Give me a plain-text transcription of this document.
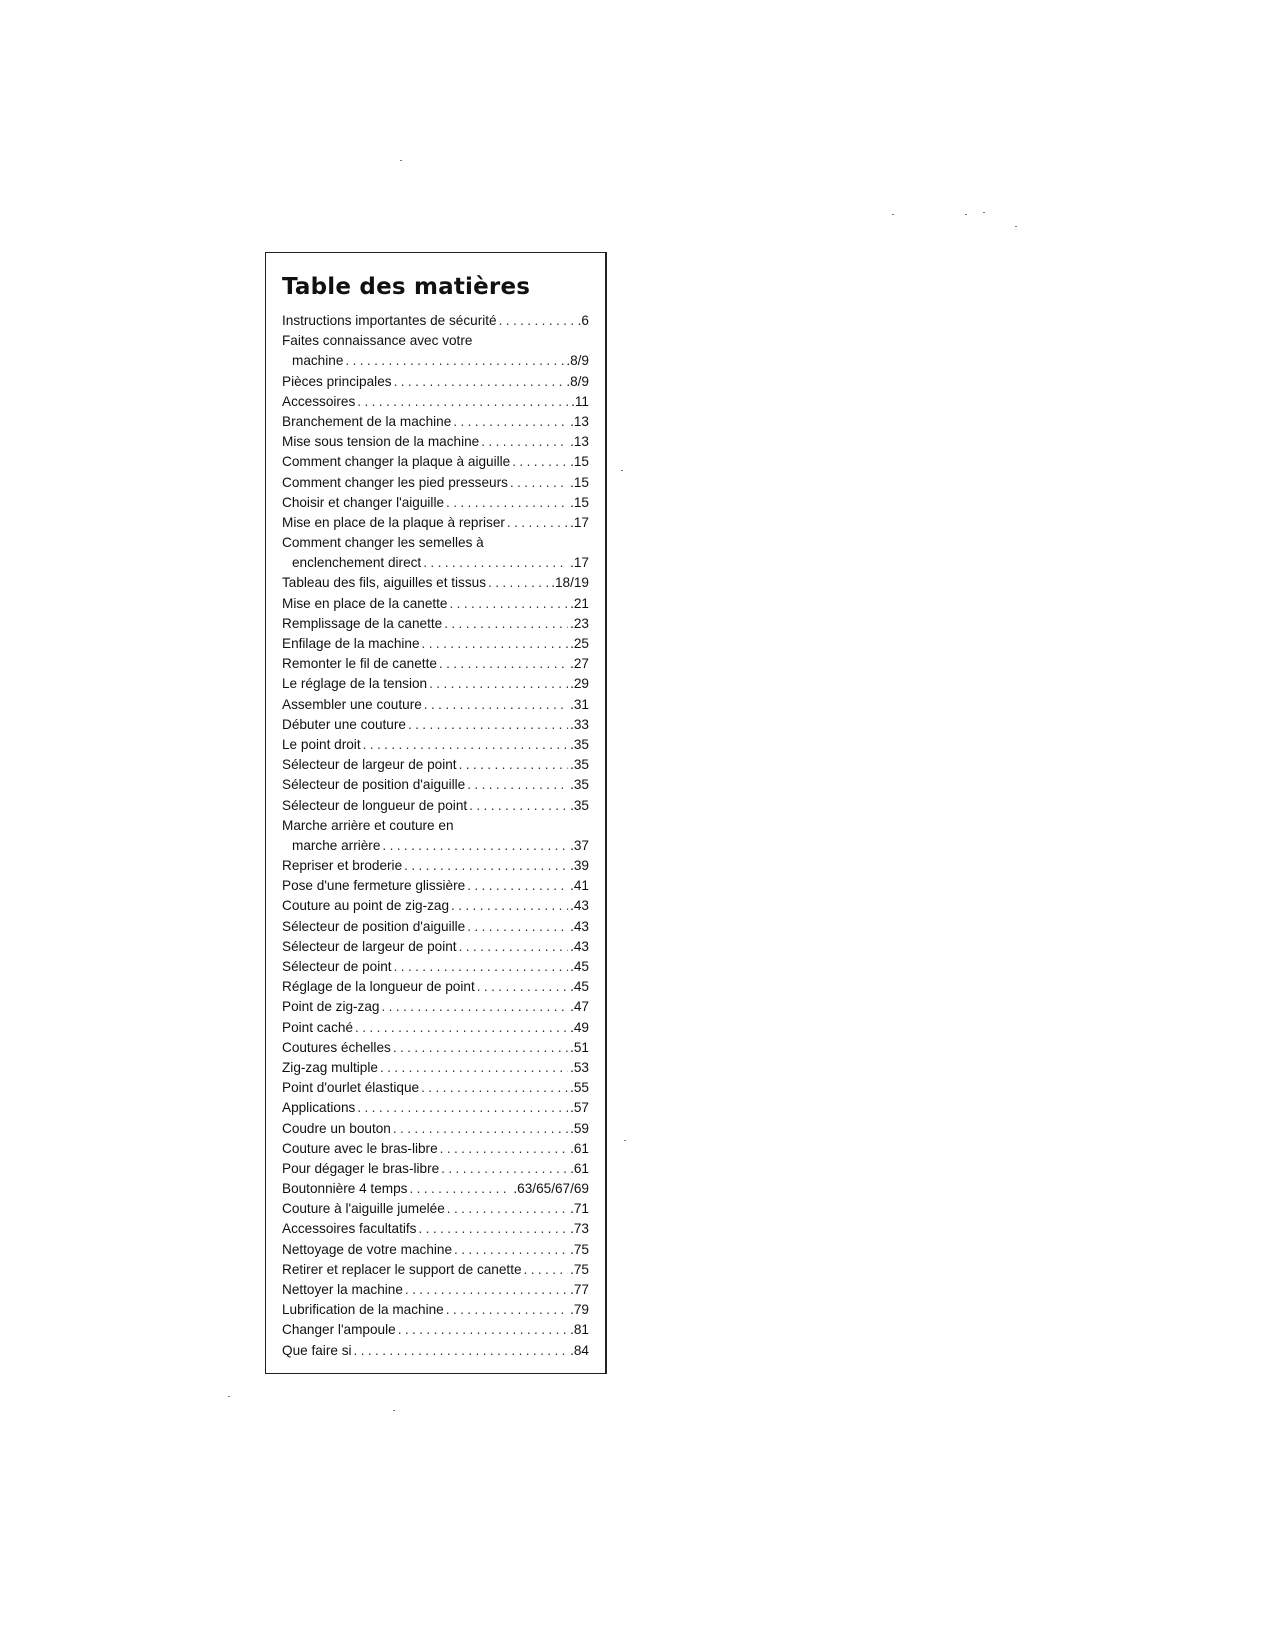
Table des matières
Instructions importantes de sécurité .....	.6
Faites connaissance avec votre
machine .....	.8/9
Pièces principales .....	.8/9
Accessoires .....	.11
Branchement de la machine .....	.13
Mise sous tension de la machine .....	.13
Comment changer la plaque à aiguille .....	.15
Comment changer les pied presseurs .....	.15
Choisir et changer l'aiguille .....	.15
Mise en place de la plaque à repriser .....	.17
Comment changer les semelles à
enclenchement direct .....	.17
Tableau des fils, aiguilles et tissus .....	.18/19
Mise en place de la canette .....	.21
Remplissage de la canette .....	.23
Enfilage de la machine .....	.25
Remonter le fil de canette .....	.27
Le réglage de la tension .....	.29
Assembler une couture .....	.31
Débuter une couture .....	.33
Le point droit .....	.35
Sélecteur de largeur de point .....	.35
Sélecteur de position d'aiguille .....	.35
Sélecteur de longueur de point .....	.35
Marche arrière et couture en
marche arrière .....	.37
Repriser et broderie .....	.39
Pose d'une fermeture glissière .....	.41
Couture au point de zig-zag .....	.43
Sélecteur de position d'aiguille .....	.43
Sélecteur de largeur de point .....	.43
Sélecteur de point .....	.45
Réglage de la longueur de point .....	.45
Point de zig-zag .....	.47
Point caché .....	.49
Coutures échelles .....	.51
Zig-zag multiple .....	.53
Point d'ourlet élastique .....	.55
Applications .....	.57
Coudre un bouton .....	.59
Couture avec le bras-libre .....	.61
Pour dégager le bras-libre .....	.61
Boutonnière 4 temps .....	.63/65/67/69
Couture à l'aiguille jumelée .....	.71
Accessoires facultatifs .....	.73
Nettoyage de votre machine .....	.75
Retirer et replacer le support de canette .....	.75
Nettoyer la machine .....	.77
Lubrification de la machine .....	.79
Changer l'ampoule .....	.81
Que faire si .....	.84
